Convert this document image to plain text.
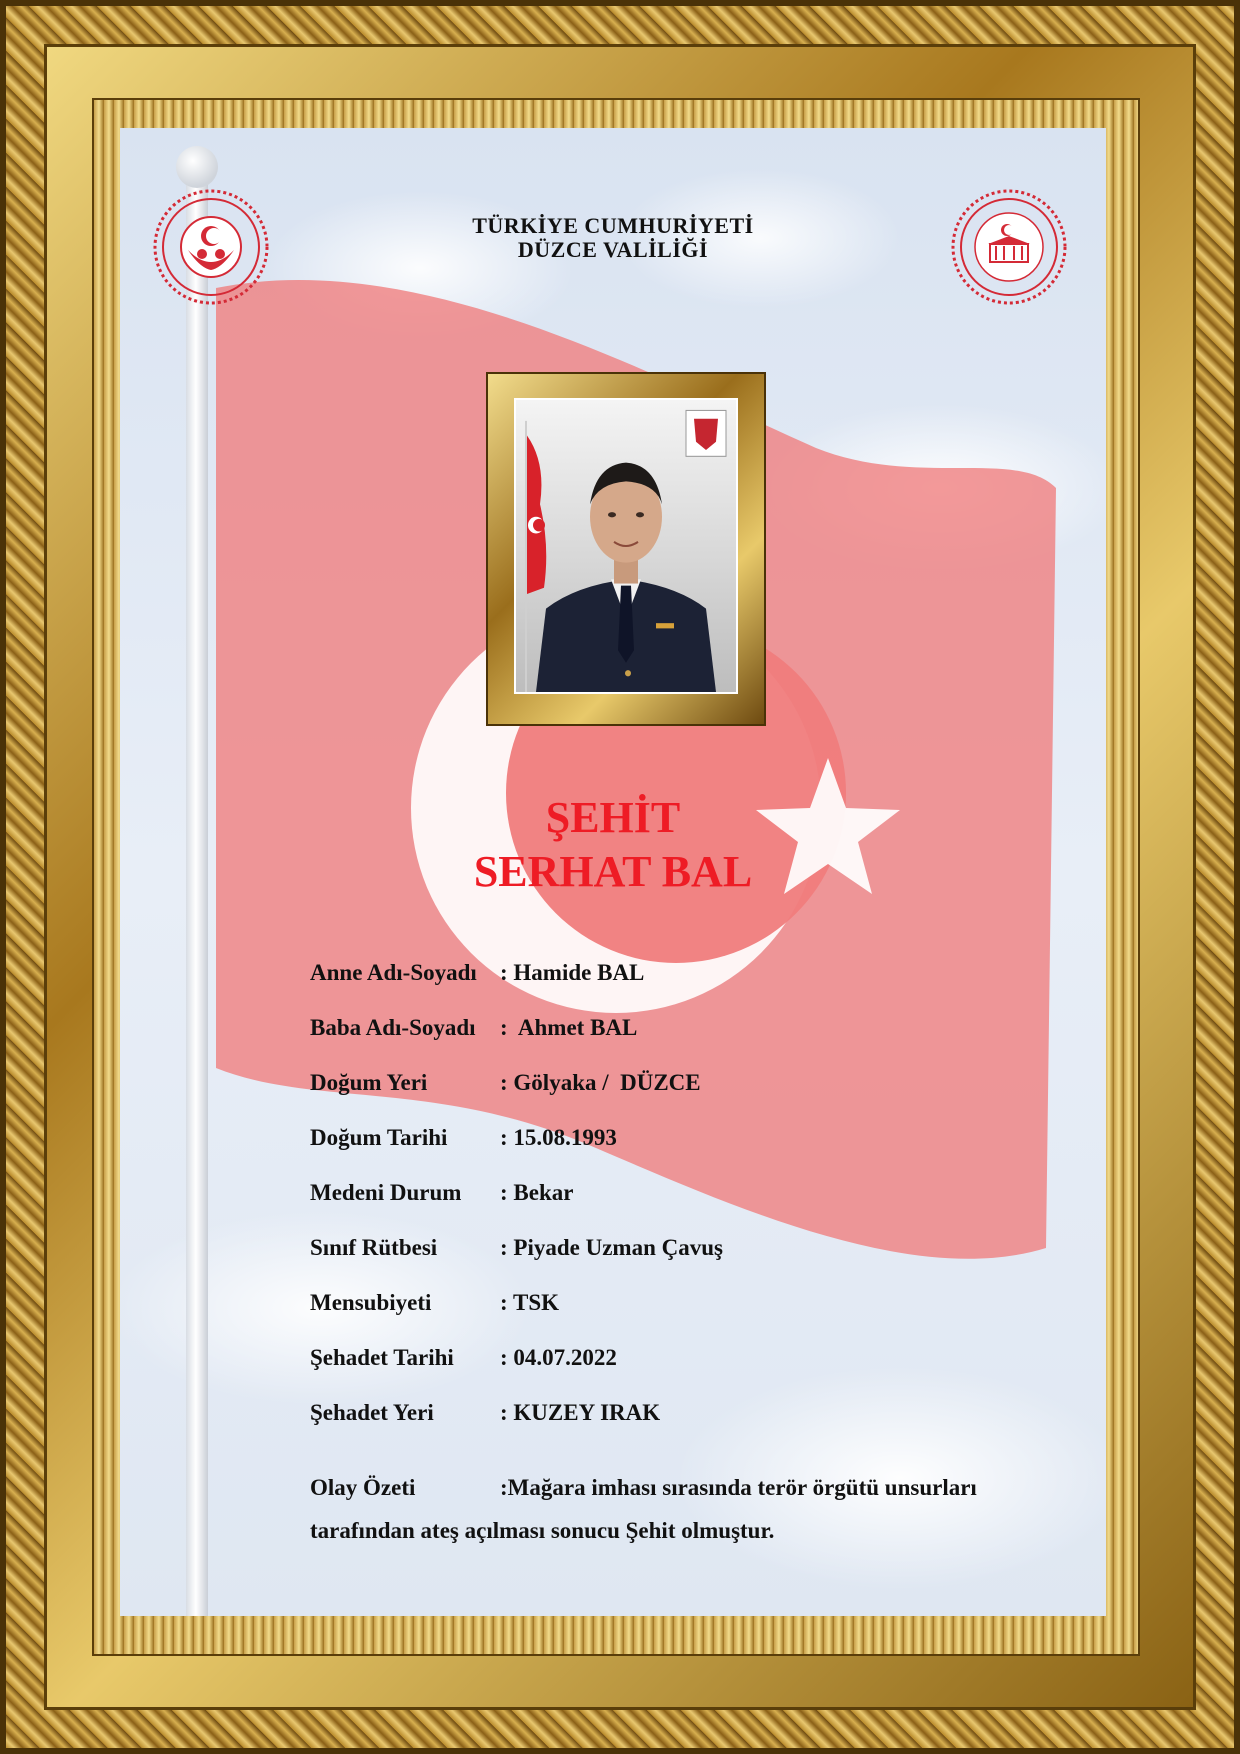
TÜRKİYE CUMHURİYETİ
DÜZCE VALİLİĞİ
ŞEHİT
SERHAT BAL
Anne Adı-Soyadı : Hamide BAL
Baba Adı-Soyadı :  Ahmet BAL
Doğum Yeri	: Gölyaka /  DÜZCE
Doğum Tarihi : 15.08.1993
Medeni Durum : Bekar
Sınıf Rütbesi	: Piyade Uzman Çavuş
Mensubiyeti	: TSK
Şehadet Tarihi : 04.07.2022
Şehadet Yeri	: KUZEY IRAK
Olay Özeti	:Mağara imhası sırasında terör örgütü unsurları
tarafından ateş açılması sonucu Şehit olmuştur.
